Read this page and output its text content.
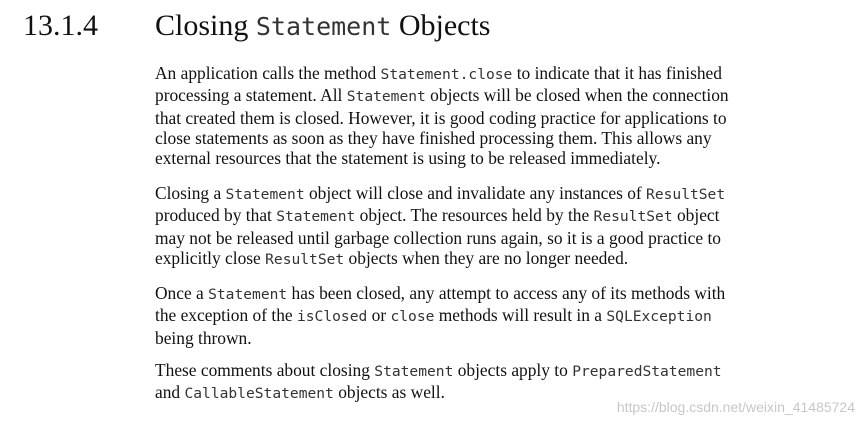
13.1.4 Closing Statement Objects
An application calls the method Statement.close to indicate that it has finished
processing a statement. All Statement objects will be closed when the connection
that created them is closed. However, it is good coding practice for applications to
close statements as soon as they have finished processing them. This allows any
external resources that the statement is using to be released immediately.
Closing a Statement object will close and invalidate any instances of ResultSet
produced by that Statement object. The resources held by the ResultSet object
may not be released until garbage collection runs again, so it is a good practice to
explicitly close ResultSet objects when they are no longer needed.
Once a Statement has been closed, any attempt to access any of its methods with
the exception of the isClosed or close methods will result in a SQLException
being thrown.
These comments about closing Statement objects apply to PreparedStatement
and CallableStatement objects as well.
https://blog.csdn.net/weixin_41485724
